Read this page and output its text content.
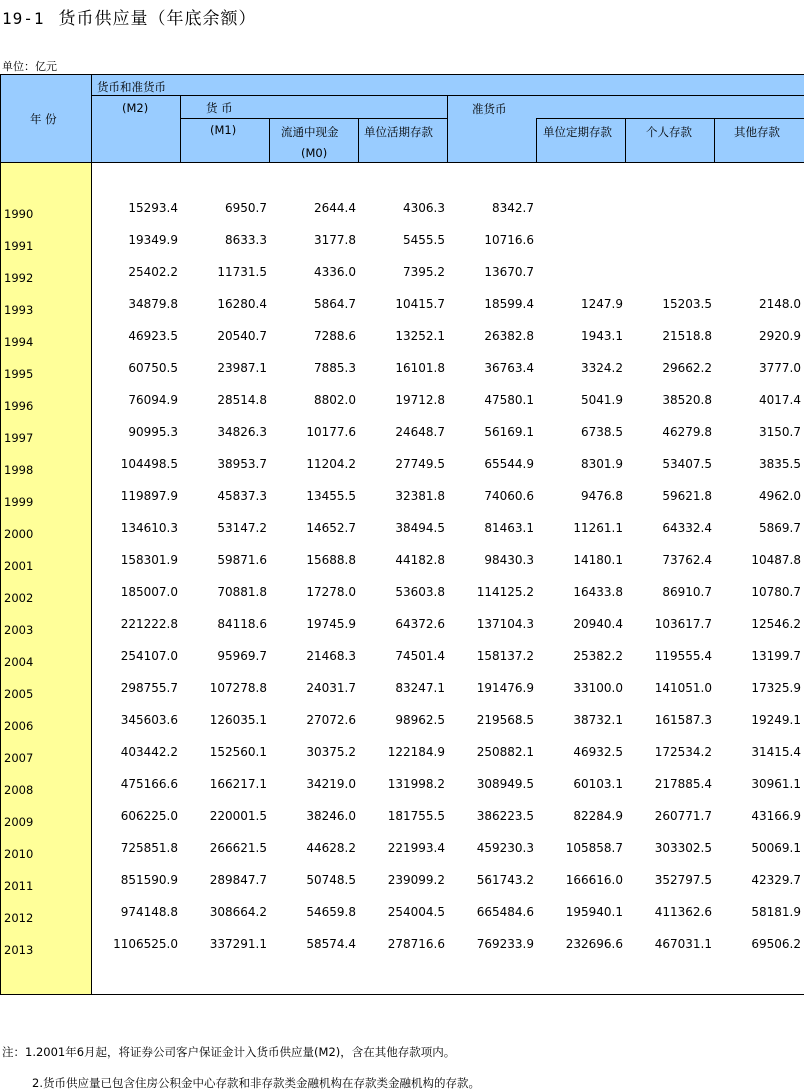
19-1 货币供应量（年底余额）
单位：亿元
年 份
货币和准货币
(M2)	货 币
(M1)	流通中现金
(M0)
单位活期存款
准货币
单位定期存款	个人存款	其他存款
1990	15293.4	6950.7	2644.4	4306.3	8342.7
1991	19349.9	8633.3	3177.8	5455.5	10716.6
1992	25402.2	11731.5	4336.0	7395.2	13670.7
1993	34879.8	16280.4	5864.7	10415.7	18599.4	1247.9	15203.5	2148.0
1994	46923.5	20540.7	7288.6	13252.1	26382.8	1943.1	21518.8	2920.9
1995	60750.5	23987.1	7885.3	16101.8	36763.4	3324.2	29662.2	3777.0
1996	76094.9	28514.8	8802.0	19712.8	47580.1	5041.9	38520.8	4017.4
1997	90995.3	34826.3	10177.6	24648.7	56169.1	6738.5	46279.8	3150.7
1998	104498.5	38953.7	11204.2	27749.5	65544.9	8301.9	53407.5	3835.5
1999	119897.9	45837.3	13455.5	32381.8	74060.6	9476.8	59621.8	4962.0
2000	134610.3	53147.2	14652.7	38494.5	81463.1	11261.1	64332.4	5869.7
2001	158301.9	59871.6	15688.8	44182.8	98430.3	14180.1	73762.4	10487.8
2002	185007.0	70881.8	17278.0	53603.8	114125.2	16433.8	86910.7	10780.7
2003	221222.8	84118.6	19745.9	64372.6	137104.3	20940.4	103617.7	12546.2
2004	254107.0	95969.7	21468.3	74501.4	158137.2	25382.2	119555.4	13199.7
2005	298755.7	107278.8	24031.7	83247.1	191476.9	33100.0	141051.0	17325.9
2006	345603.6	126035.1	27072.6	98962.5	219568.5	38732.1	161587.3	19249.1
2007	403442.2	152560.1	30375.2	122184.9	250882.1	46932.5	172534.2	31415.4
2008	475166.6	166217.1	34219.0	131998.2	308949.5	60103.1	217885.4	30961.1
2009	606225.0	220001.5	38246.0	181755.5	386223.5	82284.9	260771.7	43166.9
2010	725851.8	266621.5	44628.2	221993.4	459230.3	105858.7	303302.5	50069.1
2011	851590.9	289847.7	50748.5	239099.2	561743.2	166616.0	352797.5	42329.7
2012	974148.8	308664.2	54659.8	254004.5	665484.6	195940.1	411362.6	58181.9
2013	1106525.0	337291.1	58574.4	278716.6	769233.9	232696.6	467031.1	69506.2
注：1.2001年6月起，将证券公司客户保证金计入货币供应量(M2)，含在其他存款项内。
2.货币供应量已包含住房公积金中心存款和非存款类金融机构在存款类金融机构的存款。
